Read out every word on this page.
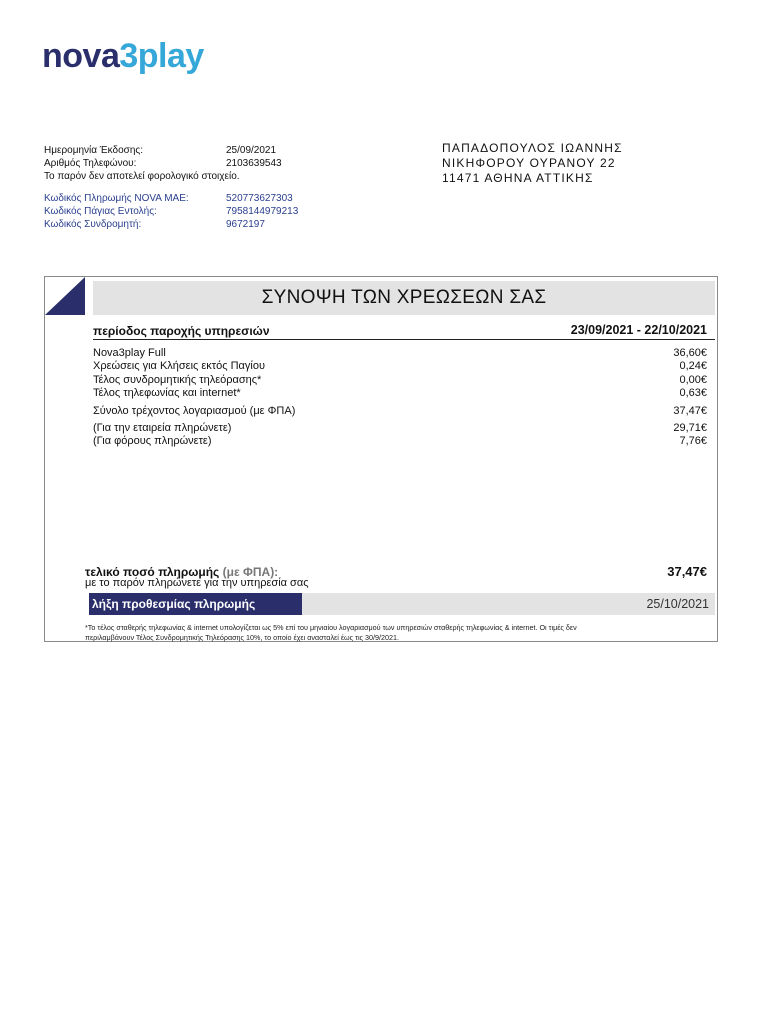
nova3play
Ημερομηνία Έκδοσης:	25/09/2021
Αριθμός Τηλεφώνου:	2103639543
Το παρόν δεν αποτελεί φορολογικό στοιχείο.
Κωδικός Πληρωμής NOVA MAE:	520773627303
Κωδικός Πάγιας Εντολής:	7958144979213
Κωδικός Συνδρομητή:	9672197
ΠΑΠΑΔΟΠΟΥΛΟΣ ΙΩΑΝΝΗΣ
ΝΙΚΗΦΟΡΟΥ ΟΥΡΑΝΟΥ 22
11471 ΑΘΗΝΑ ΑΤΤΙΚΗΣ
ΣΥΝΟΨΗ ΤΩΝ ΧΡΕΩΣΕΩΝ ΣΑΣ
περίοδος παροχής υπηρεσιών	23/09/2021 - 22/10/2021
Nova3play Full	36,60€
Χρεώσεις για Κλήσεις εκτός Παγίου	0,24€
Τέλος συνδρομητικής τηλεόρασης*	0,00€
Τέλος τηλεφωνίας και internet*	0,63€
Σύνολο τρέχοντος λογαριασμού (με ΦΠΑ)	37,47€
(Για την εταιρεία πληρώνετε)	29,71€
(Για φόρους πληρώνετε)	7,76€
τελικό ποσό πληρωμής (με ΦΠΑ):
με το παρόν πληρώνετε για την υπηρεσία σας
37,47€
λήξη προθεσμίας πληρωμής	25/10/2021
*Το τέλος σταθερής τηλεφωνίας & internet υπολογίζεται ως 5% επί του μηνιαίου λογαριασμού των υπηρεσιών σταθερής τηλεφωνίας & internet. Οι τιμές δεν
περιλαμβάνουν Τέλος Συνδρομητικής Τηλεόρασης 10%, το οποίο έχει ανασταλεί έως τις 30/9/2021.
